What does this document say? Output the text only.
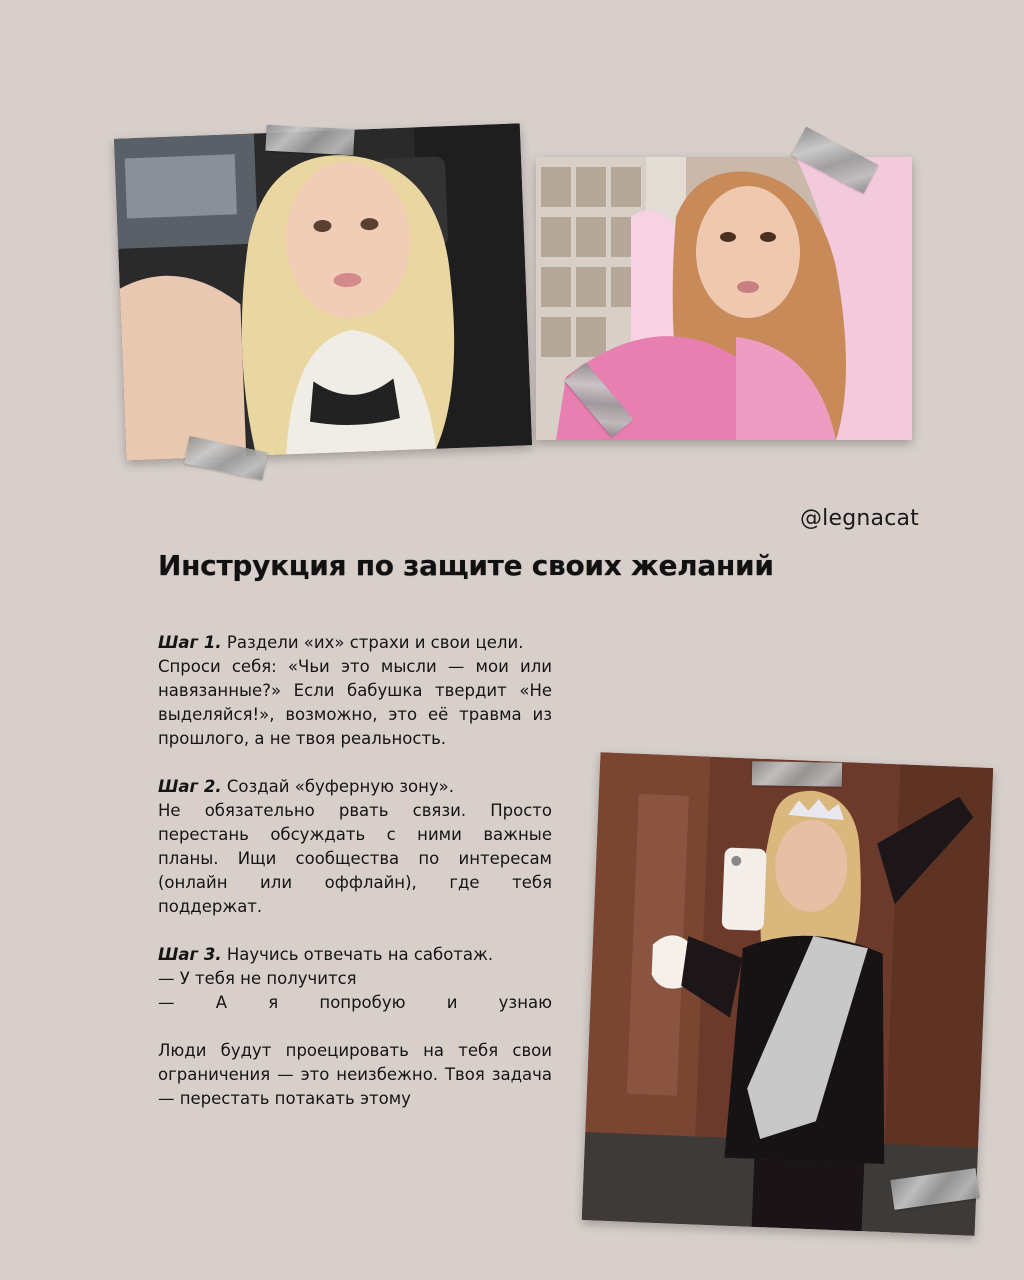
@legnacat
Инструкция по защите своих желаний

Шаг 1. Раздели «их» страхи и свои цели.

Спроси себя: «Чьи это мысли — мои или навязанные?» Если бабушка твердит «Не выделяйся!», возможно, это её травма из прошлого, а не твоя реальность.

Шаг 2. Создай «буферную зону».

Не обязательно рвать связи. Просто перестань обсуждать с ними важные планы. Ищи сообщества по интересам (онлайн или оффлайн), где тебя поддержат.

Шаг 3. Научись отвечать на саботаж.

— У тебя не получится

— А я попробую и узнаю

Люди будут проецировать на тебя свои ограничения — это неизбежно. Твоя задача — перестать потакать этому
